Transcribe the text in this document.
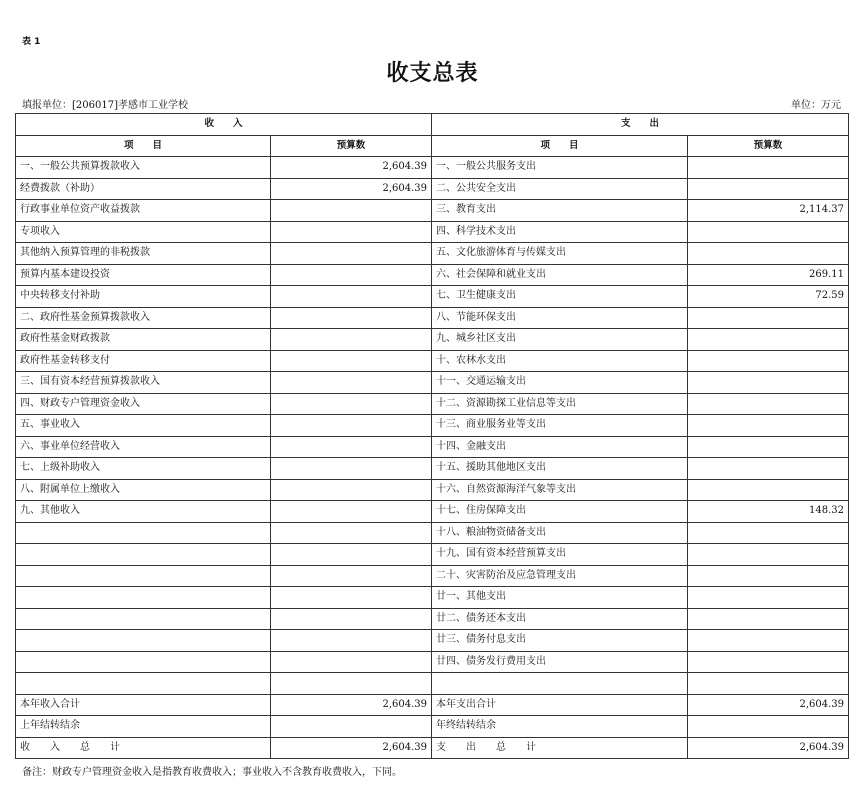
表 1
收支总表
填报单位：[206017]孝感市工业学校	单位：万元
收　　入		支　　出	
项　　目	预算数	项　　目	预算数
一、一般公共预算拨款收入	2,604.39	一、一般公共服务支出	
经费拨款（补助）	2,604.39	二、公共安全支出	
行政事业单位资产收益拨款		三、教育支出	2,114.37
专项收入		四、科学技术支出	
其他纳入预算管理的非税拨款		五、文化旅游体育与传媒支出	
预算内基本建设投资		六、社会保障和就业支出	269.11
中央转移支付补助		七、卫生健康支出	72.59
二、政府性基金预算拨款收入		八、节能环保支出	
政府性基金财政拨款		九、城乡社区支出	
政府性基金转移支付		十、农林水支出	
三、国有资本经营预算拨款收入		十一、交通运输支出	
四、财政专户管理资金收入		十二、资源勘探工业信息等支出	
五、事业收入		十三、商业服务业等支出	
六、事业单位经营收入		十四、金融支出	
七、上级补助收入		十五、援助其他地区支出	
八、附属单位上缴收入		十六、自然资源海洋气象等支出	
九、其他收入		十七、住房保障支出	148.32
		十八、粮油物资储备支出	
		十九、国有资本经营预算支出	
		二十、灾害防治及应急管理支出	
		廿一、其他支出	
		廿二、债务还本支出	
		廿三、债务付息支出	
		廿四、债务发行费用支出	

本年收入合计	2,604.39	本年支出合计	2,604.39
上年结转结余		年终结转结余	
收　　入　　总　　计	2,604.39	支　　出　　总　　计	2,604.39
备注：财政专户管理资金收入是指教育收费收入；事业收入不含教育收费收入，下同。
